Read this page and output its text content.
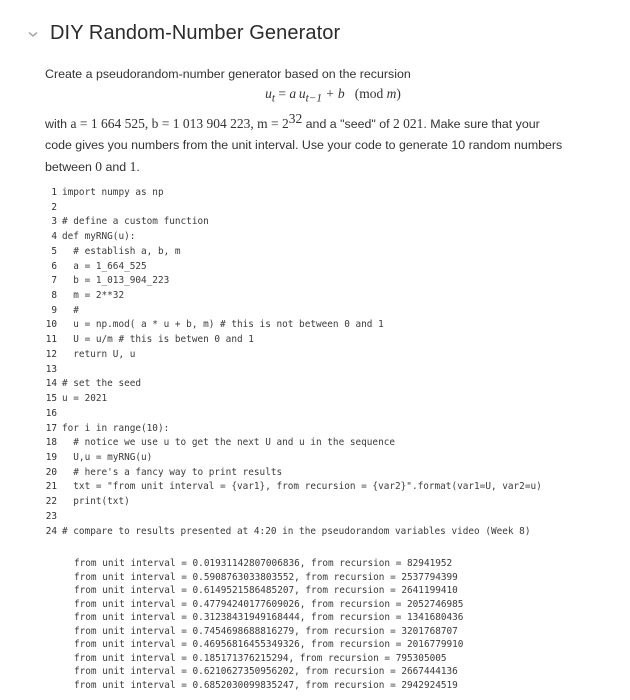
DIY Random-Number Generator

Create a pseudorandom-number generator based on the recursion

$u_t = a$  $u_{t-1} + b$ (mod m)

with a = 1 664 525, b = 1 013 904 223, $m = 2^{32}$ and a "seed" of 2 021. Make sure that your

code gives you numbers from the unit interval. Use your code to generate 10 random numbers

between 0 and 1.

1 import numpy as np
2
3 # define a custom function
4 def myRNG(u):
5 # establish a, b, m
6 a = 1_664_525
7 b = 1_013_904_223
8 m = 2**32
9 #
10 u = np.mod( a * u + b, m) # this is not between 0 and 1
11 U = u/m # this is betwen 0 and 1
12 return U, u
13
14 # set the seed
15 u = 2021
16
17 for i in range(10):
18 # notice we use u to get the next U and u in the sequence
19 U,u = myRNG(u)
20 # here's a fancy way to print results
21 txt = "from unit interval = {var1}, from recursion = {var2}".format(var1=U, var2=u)
22 print(txt)
23
24 # compare to results presented at 4:20 in the pseudorandom variables video (Week 8)
from unit interval = 0.01931142807006836, from recursion = 82941952
from unit interval = 0.5908763033803552, from recursion = 2537794399
from unit interval = 0.6149521586485207, from recursion = 2641199410
from unit interval = 0.47794240177609026, from recursion = 2052746985
from unit interval = 0.31238431949168444, from recursion = 1341680436
from unit interval = 0.7454698688816279, from recursion = 3201768707
from unit interval = 0.46956816455349326, from recursion = 2016779910
from unit interval = 0.185171376215294, from recursion = 795305005
from unit interval = 0.6210627350956202, from recursion = 2667444136
from unit interval = 0.6852030099835247, from recursion = 2942924519
